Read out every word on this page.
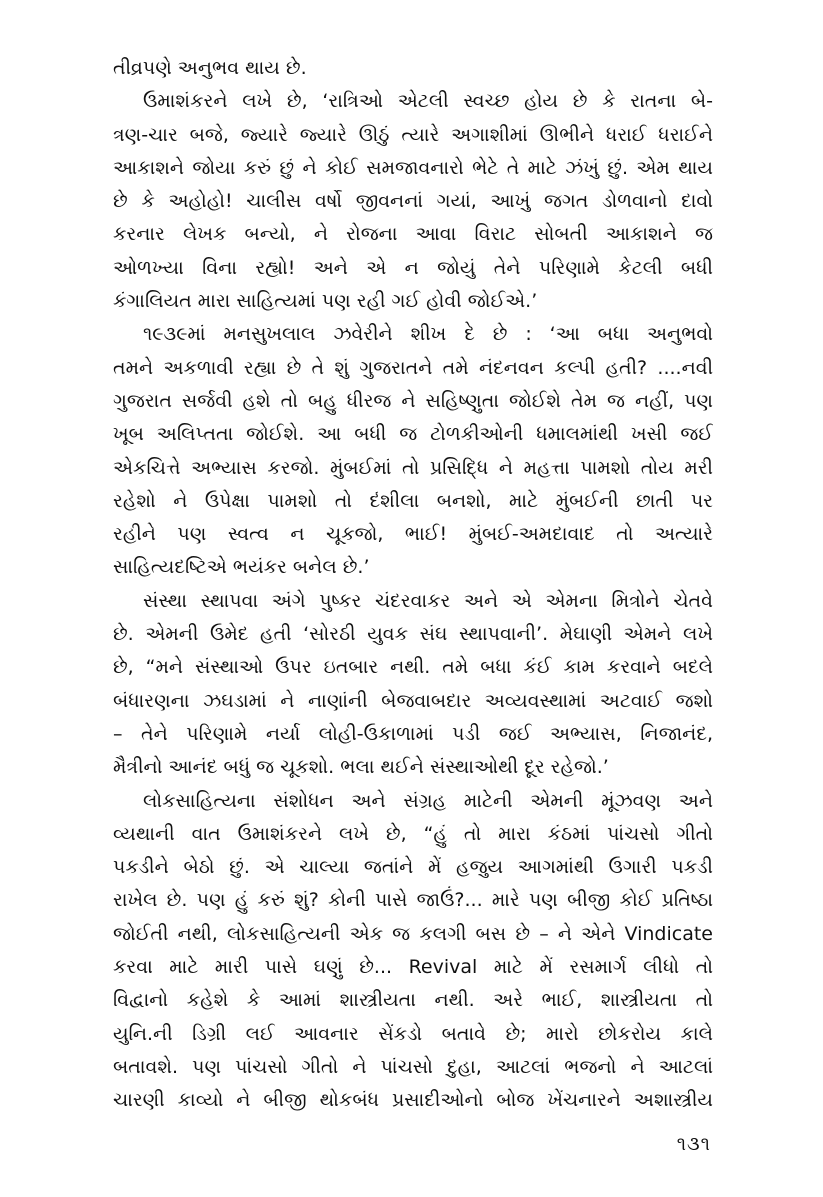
તીવ્રપણે અનુભવ થાય છે.
ઉમાશંકરને લખે છે, ‘રાત્રિઓ એટલી સ્વચ્છ હોય છે કે રાતના બે-
ત્રણ-ચાર બજે, જ્યારે જ્યારે ઊઠું ત્યારે અગાશીમાં ઊભીને ધરાઈ ધરાઈને
આકાશને જોયા કરું છું ને કોઈ સમજાવનારો ભેટે તે માટે ઝંખું છું. એમ થાય
છે કે અહોહો! ચાલીસ વર્ષો જીવનનાં ગયાં, આખું જગત ડોળવાનો દાવો
કરનાર લેખક બન્યો, ને રોજના આવા વિરાટ સોબતી આકાશને જ
ઓળખ્યા વિના રહ્યો! અને એ ન જોયું તેને પરિણામે કેટલી બધી
કંગાલિયત મારા સાહિત્યમાં પણ રહી ગઈ હોવી જોઈએ.’
૧૯૩૯માં મનસુખલાલ ઝવેરીને શીખ દે છે : ‘આ બધા અનુભવો
તમને અકળાવી રહ્યા છે તે શું ગુજરાતને તમે નંદનવન કલ્પી હતી? ....નવી
ગુજરાત સર્જવી હશે તો બહુ ધીરજ ને સહિષ્ણુતા જોઈશે તેમ જ નહીં, પણ
ખૂબ અલિપ્તતા જોઈશે. આ બધી જ ટોળકીઓની ધમાલમાંથી ખસી જઈ
એકચિત્તે અભ્યાસ કરજો. મુંબઈમાં તો પ્રસિદ્ધિ ને મહત્તા પામશો તોય મરી
રહેશો ને ઉપેક્ષા પામશો તો દંશીલા બનશો, માટે મુંબઈની છાતી પર
રહીને પણ સ્વત્વ ન ચૂકજો, ભાઈ! મુંબઈ-અમદાવાદ તો અત્યારે
સાહિત્યદષ્ટિએ ભયંકર બનેલ છે.’
સંસ્થા સ્થાપવા અંગે પુષ્કર ચંદરવાકર અને એ એમના મિત્રોને ચેતવે
છે. એમની ઉમેદ હતી ‘સોરઠી યુવક સંઘ સ્થાપવાની’. મેઘાણી એમને લખે
છે, “મને સંસ્થાઓ ઉપર ઇતબાર નથી. તમે બધા કંઈ કામ કરવાને બદલે
બંધારણના ઝઘડામાં ને નાણાંની બેજવાબદાર અવ્યવસ્થામાં અટવાઈ જશો
– તેને પરિણામે નર્યા લોહી-ઉકાળામાં પડી જઈ અભ્યાસ, નિજાનંદ,
મૈત્રીનો આનંદ બધું જ ચૂકશો. ભલા થઈને સંસ્થાઓથી દૂર રહેજો.’
લોકસાહિત્યના સંશોધન અને સંગ્રહ માટેની એમની મૂંઝવણ અને
વ્યથાની વાત ઉમાશંકરને લખે છે, “હું તો મારા કંઠમાં પાંચસો ગીતો
પકડીને બેઠો છું. એ ચાલ્યા જતાંને મેં હજુય આગમાંથી ઉગારી પકડી
રાખેલ છે. પણ હું કરું શું? કોની પાસે જાઉં?... મારે પણ બીજી કોઈ પ્રતિષ્ઠા
જોઈતી નથી, લોકસાહિત્યની એક જ કલગી બસ છે – ને એને Vindicate
કરવા માટે મારી પાસે ઘણું છે... Revival માટે મેં રસમાર્ગ લીધો તો
વિદ્વાનો કહેશે કે આમાં શાસ્ત્રીયતા નથી. અરે ભાઈ, શાસ્ત્રીયતા તો
યુનિ.ની ડિગ્રી લઈ આવનાર સેંકડો બતાવે છે; મારો છોકરોય કાલે
બતાવશે. પણ પાંચસો ગીતો ને પાંચસો દુહા, આટલાં ભજનો ને આટલાં
ચારણી કાવ્યો ને બીજી થોકબંધ પ્રસાદીઓનો બોજ ખેંચનારને અશાસ્ત્રીય
૧૩૧
